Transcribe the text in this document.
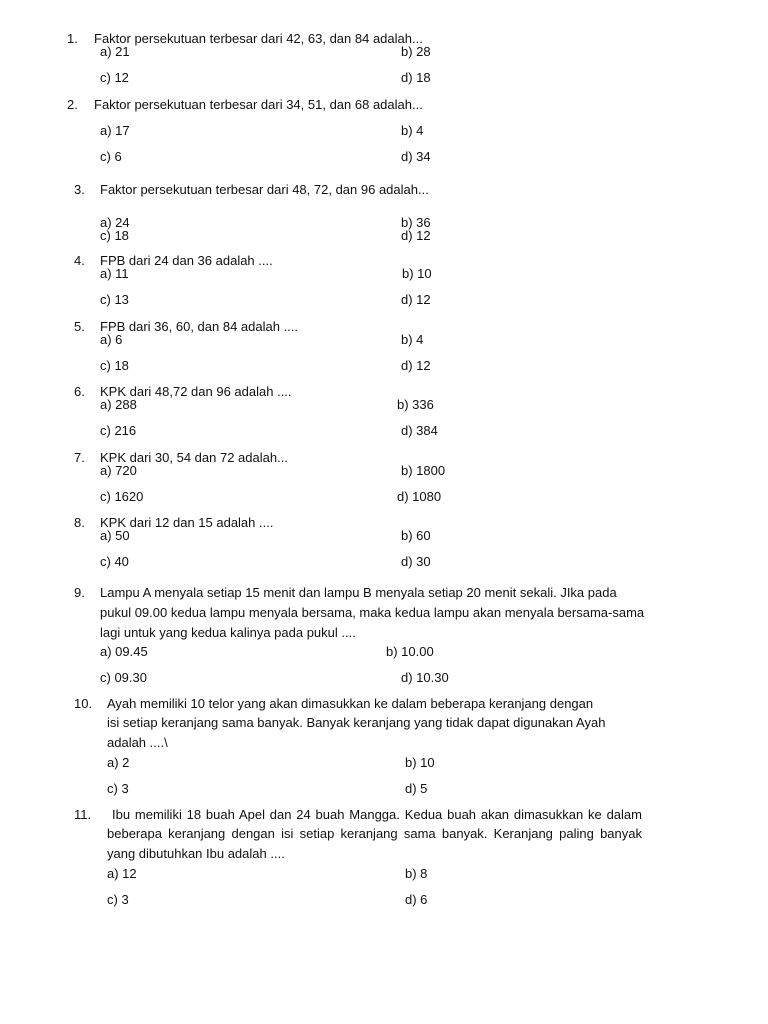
1. Faktor persekutuan terbesar dari 42, 63, dan 84 adalah...
a) 21	b) 28
c) 12	d) 18
2. Faktor persekutuan terbesar dari 34, 51, dan 68 adalah...
a) 17	b) 4
c) 6	d) 34
3. Faktor persekutuan terbesar dari 48, 72, dan 96 adalah...
a) 24	b) 36
c) 18	d) 12
4. FPB dari 24 dan 36 adalah ....
a) 11	b) 10
c) 13	d) 12
5. FPB dari 36, 60, dan 84 adalah ....
a) 6	b) 4
c) 18	d) 12
6. KPK dari 48,72 dan 96 adalah ....
a) 288	b) 336
c) 216	d) 384
7. KPK dari 30, 54 dan 72 adalah...
a) 720	b) 1800
c) 1620	d) 1080
8. KPK dari 12 dan 15 adalah ....
a) 50	b) 60
c) 40	d) 30
9. Lampu A menyala setiap 15 menit dan lampu B menyala setiap 20 menit sekali. JIka pada
pukul 09.00 kedua lampu menyala bersama, maka kedua lampu akan menyala bersama-sama
lagi untuk yang kedua kalinya pada pukul ....
a) 09.45	b) 10.00
c) 09.30	d) 10.30
10. Ayah memiliki 10 telor yang akan dimasukkan ke dalam beberapa keranjang dengan
isi setiap keranjang sama banyak. Banyak keranjang yang tidak dapat digunakan Ayah
adalah ....\
a) 2	b) 10
c) 3	d) 5
11.	Ibu memiliki 18 buah Apel dan 24 buah Mangga. Kedua buah akan dimasukkan ke dalam
beberapa keranjang dengan isi setiap keranjang sama banyak. Keranjang paling banyak
yang dibutuhkan Ibu adalah ....
a) 12	b) 8
c) 3	d) 6
